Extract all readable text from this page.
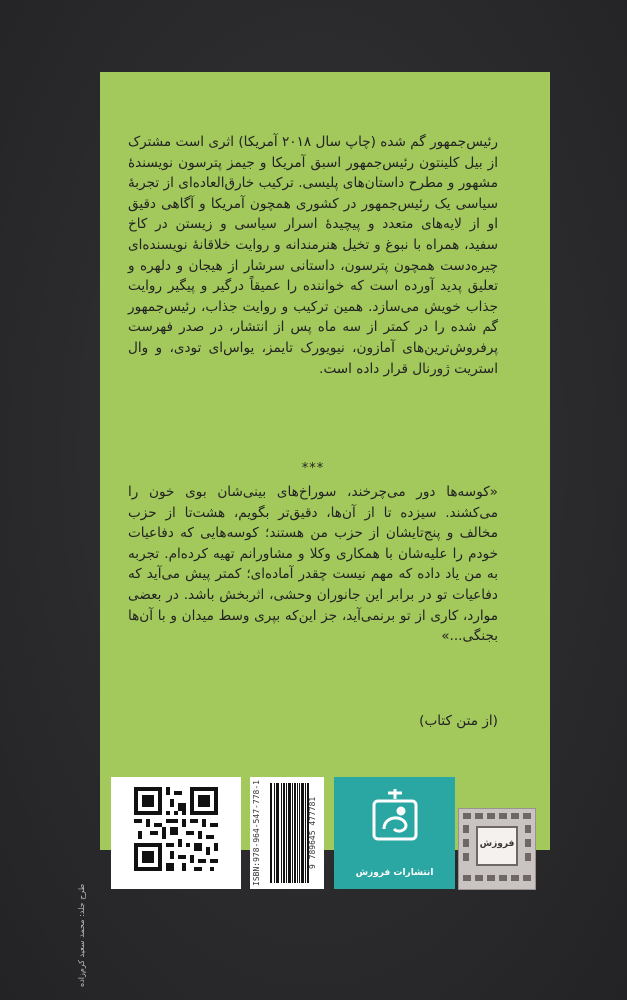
رئیس‌جمهور گم شده (چاپ سال ۲۰۱۸ آمریکا) اثری است مشترک از بیل کلینتون رئیس‌جمهور اسبق آمریکا و جیمز پترسون نویسندهٔ مشهور و مطرح داستان‌های پلیسی. ترکیب خارق‌العاده‌ای از تجربهٔ سیاسی یک رئیس‌جمهور در کشوری همچون آمریکا و آگاهی دقیق او از لایه‌های متعدد و پیچیدهٔ اسرار سیاسی و زیستن در کاخ سفید، همراه با نبوغ و تخیل هنرمندانه و روایت خلاقانهٔ نویسنده‌ای چیره‌دست همچون پترسون، داستانی سرشار از هیجان و دلهره و تعلیق پدید آورده است که خواننده را عمیقاً درگیر و پیگیر روایت جذاب خویش می‌سازد. همین ترکیب و روایت جذاب، رئیس‌جمهور گم شده را در کمتر از سه ماه پس از انتشار، در صدر فهرست پرفروش‌ترین‌های آمازون، نیویورک تایمز، یواس‌ای تودی، و وال استریت ژورنال قرار داده است.

***

«کوسه‌ها دور می‌چرخند، سوراخ‌های بینی‌شان بوی خون را می‌کشند. سیزده تا از آن‌ها، دقیق‌تر بگویم، هشت‌تا از حزب مخالف و پنج‌تایشان از حزب من هستند؛ کوسه‌هایی که دفاعیات خودم را علیه‌شان با همکاری وکلا و مشاورانم تهیه کرده‌ام. تجربه به من یاد داده که مهم نیست چقدر آماده‌ای؛ کمتر پیش می‌آید که دفاعیات تو در برابر این جانوران وحشی، اثربخش باشد. در بعضی موارد، کاری از تو برنمی‌آید، جز این‌که بپری وسط میدان و با آن‌ها بجنگی...»

(از متن کتاب)
ISBN:978-964-547-778-1	9 789645 477781
انتشارات فروزش
فروزش
طرح جلد: محمد سعید کرم‌زاده
